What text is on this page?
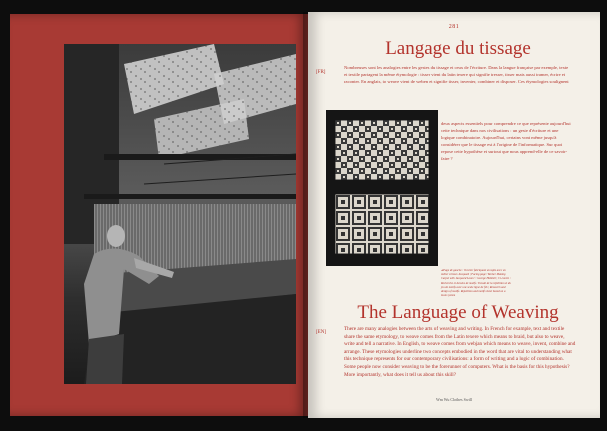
281
Langage du tissage
[FR]
Nombreuses sont les analogies entre les gestes du tissage et ceux de l'écriture. Dans la langue française par exemple, texte et textile partagent la même étymologie : tisser vient du latin texere qui signifie tresser, tisser mais aussi tramer, écrire et raconter. En anglais, to weave vient de weben et signifie tisser, inventer, combiner et disposer. Ces étymologies soulignent
deux aspects essentiels pour comprendre ce que représente aujourd'hui cette technique dans nos civilisations : un geste d'écriture et une logique combinatoire. Aujourd'hui, certains vont même jusqu'à considérer que le tissage est à l'origine de l'informatique. Sur quoi repose cette hypothèse et surtout que nous apprend-elle de ce savoir-faire ?
◂ Page de gauche : Ouvrier fabriquant un tapis avec un métier à lisses Jacquard | Facing page: Worker Making Carpet with Jacquard Loom © George Hubbell | Ci-contre : Recherche et dessins de motifs. Travail de la répétition et du jeu de motifs avec une seule ligne de fils | Research and design of motifs. Repetition and motifs sheet based on a loom system
The Language of Weaving
[EN]
There are many analogies between the arts of weaving and writing. In French for example, text and textile share the same etymology, to weave comes from the Latin texere which means to braid, but also to weave, write and tell a narrative. In English, to weave comes from webjan which means to weave, invent, combine and arrange. These etymologies underline two concepts embodied in the word that are vital to understanding what this technique represents for our contemporary civilisations: a form of writing and a logic of combination. Some people now consider weaving to be the forerunner of computers. What is the basis for this hypothesis? More importantly, what does it tell us about this skill?
Wm Wu Clothes Swill
